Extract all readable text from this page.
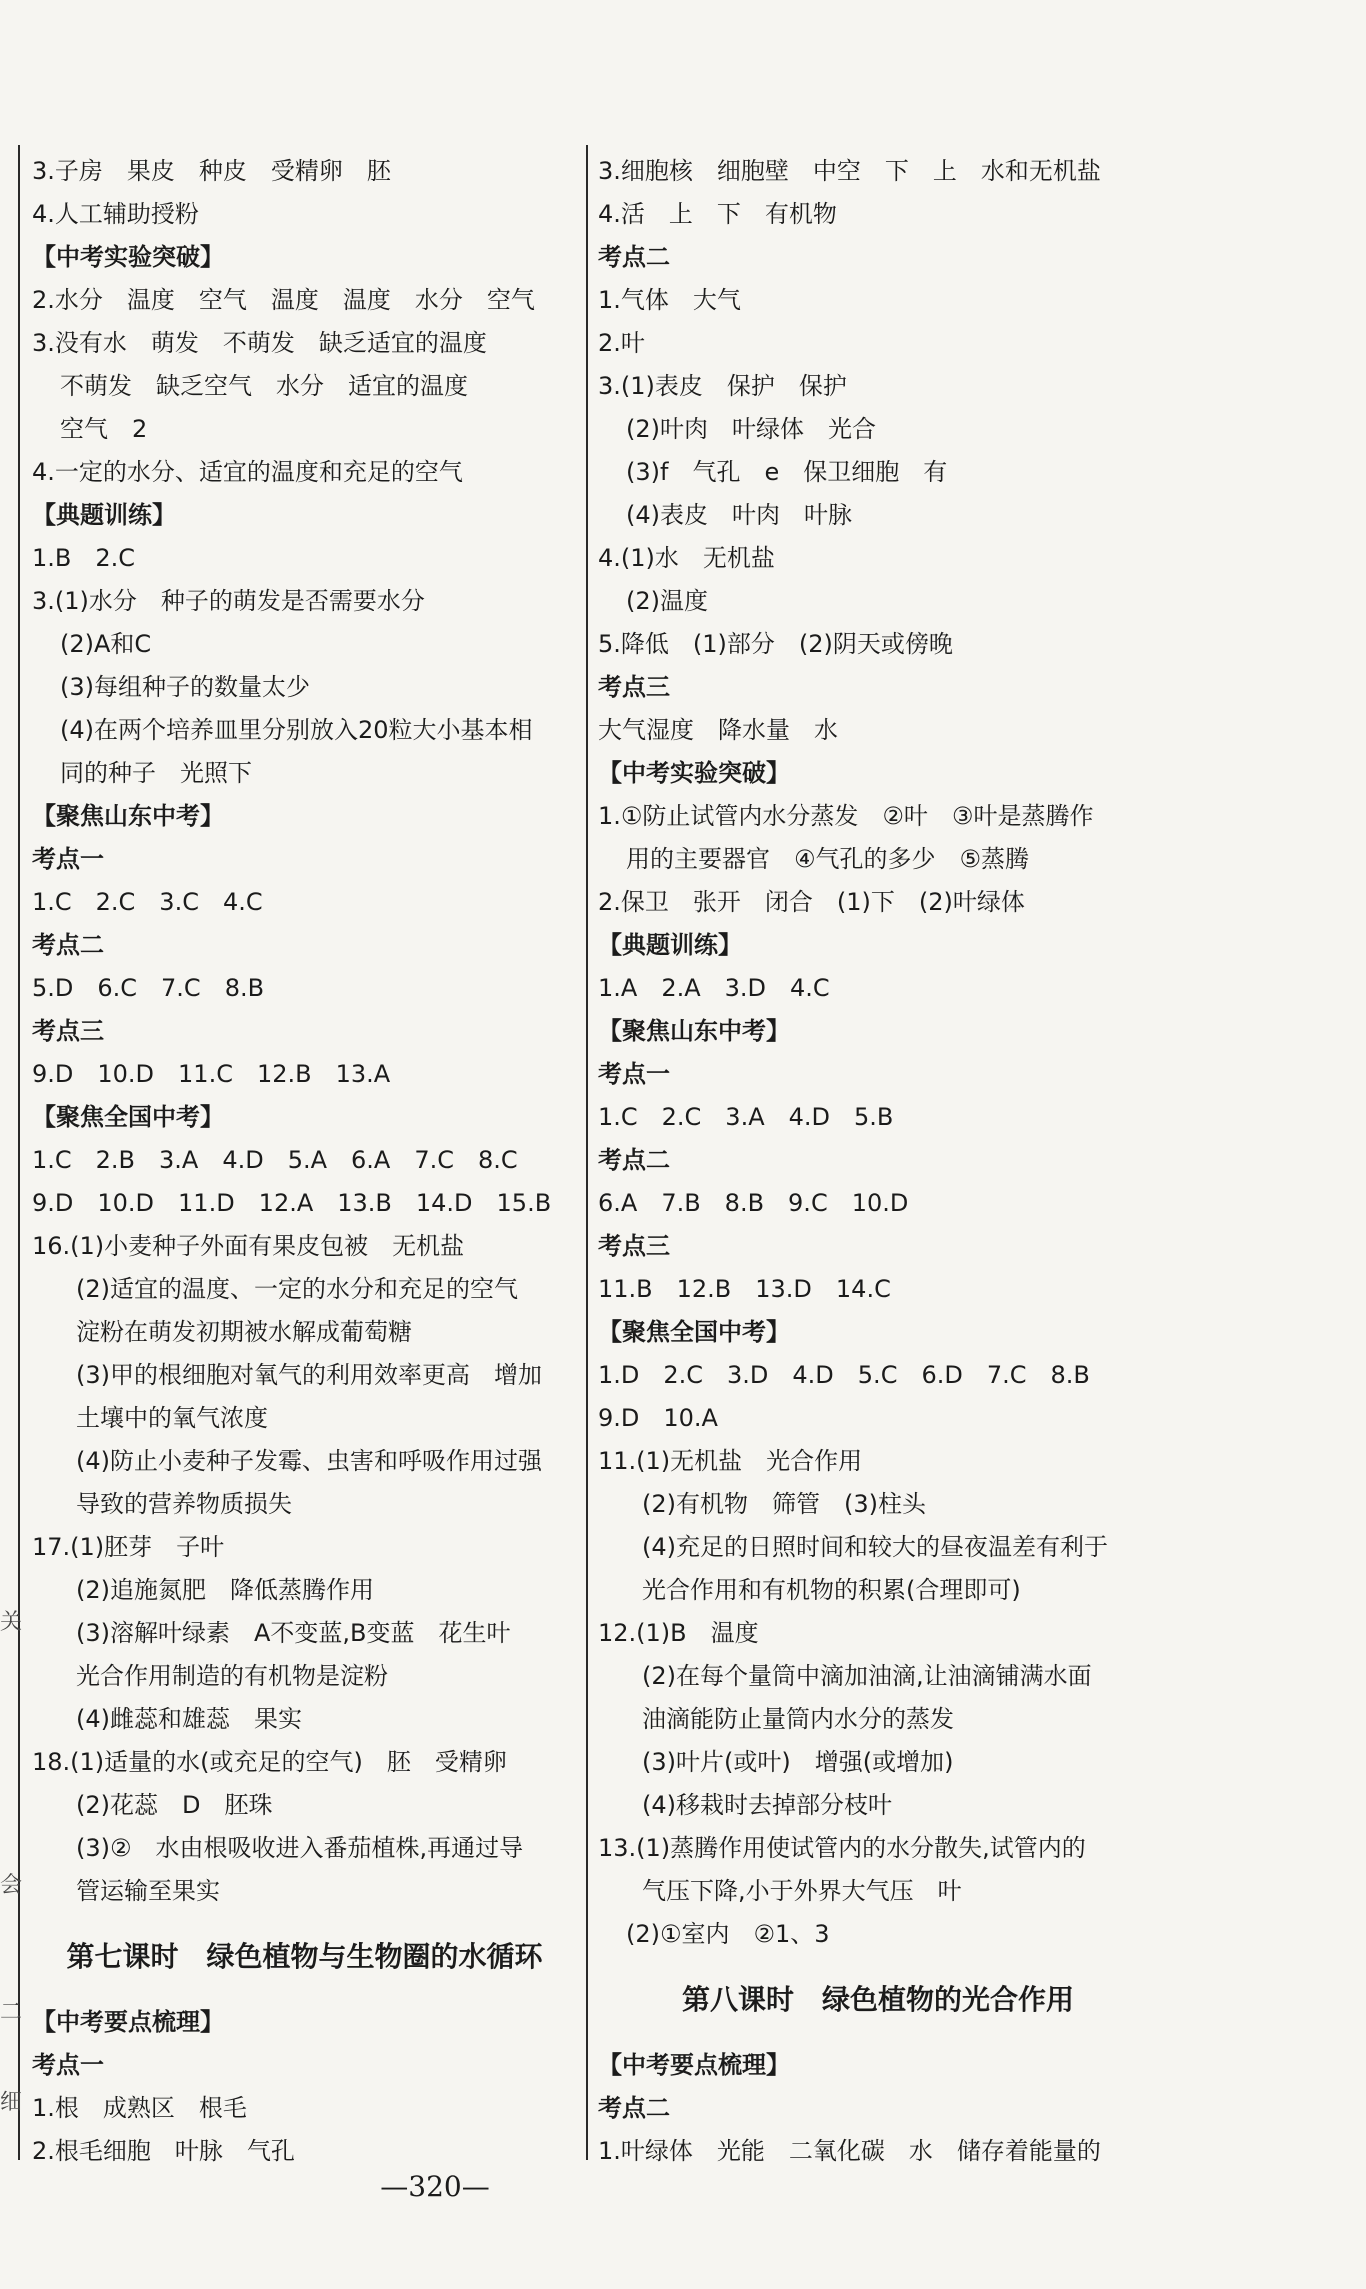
关
会
二
细
3.子房　果皮　种皮　受精卵　胚
4.人工辅助授粉
【中考实验突破】
2.水分　温度　空气　温度　温度　水分　空气
3.没有水　萌发　不萌发　缺乏适宜的温度
不萌发　缺乏空气　水分　适宜的温度
空气　2
4.一定的水分、适宜的温度和充足的空气
【典题训练】
1.B　2.C
3.(1)水分　种子的萌发是否需要水分
(2)A和C
(3)每组种子的数量太少
(4)在两个培养皿里分别放入20粒大小基本相
同的种子　光照下
【聚焦山东中考】
考点一
1.C　2.C　3.C　4.C
考点二
5.D　6.C　7.C　8.B
考点三
9.D　10.D　11.C　12.B　13.A
【聚焦全国中考】
1.C　2.B　3.A　4.D　5.A　6.A　7.C　8.C
9.D　10.D　11.D　12.A　13.B　14.D　15.B
16.(1)小麦种子外面有果皮包被　无机盐
(2)适宜的温度、一定的水分和充足的空气
淀粉在萌发初期被水解成葡萄糖
(3)甲的根细胞对氧气的利用效率更高　增加
土壤中的氧气浓度
(4)防止小麦种子发霉、虫害和呼吸作用过强
导致的营养物质损失
17.(1)胚芽　子叶
(2)追施氮肥　降低蒸腾作用
(3)溶解叶绿素　A不变蓝,B变蓝　花生叶
光合作用制造的有机物是淀粉
(4)雌蕊和雄蕊　果实
18.(1)适量的水(或充足的空气)　胚　受精卵
(2)花蕊　D　胚珠
(3)②　水由根吸收进入番茄植株,再通过导
管运输至果实
第七课时　绿色植物与生物圈的水循环
【中考要点梳理】
考点一
1.根　成熟区　根毛
2.根毛细胞　叶脉　气孔
3.细胞核　细胞壁　中空　下　上　水和无机盐
4.活　上　下　有机物
考点二
1.气体　大气
2.叶
3.(1)表皮　保护　保护
(2)叶肉　叶绿体　光合
(3)f　气孔　e　保卫细胞　有
(4)表皮　叶肉　叶脉
4.(1)水　无机盐
(2)温度
5.降低　(1)部分　(2)阴天或傍晚
考点三
大气湿度　降水量　水
【中考实验突破】
1.①防止试管内水分蒸发　②叶　③叶是蒸腾作
用的主要器官　④气孔的多少　⑤蒸腾
2.保卫　张开　闭合　(1)下　(2)叶绿体
【典题训练】
1.A　2.A　3.D　4.C
【聚焦山东中考】
考点一
1.C　2.C　3.A　4.D　5.B
考点二
6.A　7.B　8.B　9.C　10.D
考点三
11.B　12.B　13.D　14.C
【聚焦全国中考】
1.D　2.C　3.D　4.D　5.C　6.D　7.C　8.B
9.D　10.A
11.(1)无机盐　光合作用
(2)有机物　筛管　(3)柱头
(4)充足的日照时间和较大的昼夜温差有利于
光合作用和有机物的积累(合理即可)
12.(1)B　温度
(2)在每个量筒中滴加油滴,让油滴铺满水面
油滴能防止量筒内水分的蒸发
(3)叶片(或叶)　增强(或增加)
(4)移栽时去掉部分枝叶
13.(1)蒸腾作用使试管内的水分散失,试管内的
气压下降,小于外界大气压　叶
(2)①室内　②1、3
第八课时　绿色植物的光合作用
【中考要点梳理】
考点二
1.叶绿体　光能　二氧化碳　水　储存着能量的
—320—
